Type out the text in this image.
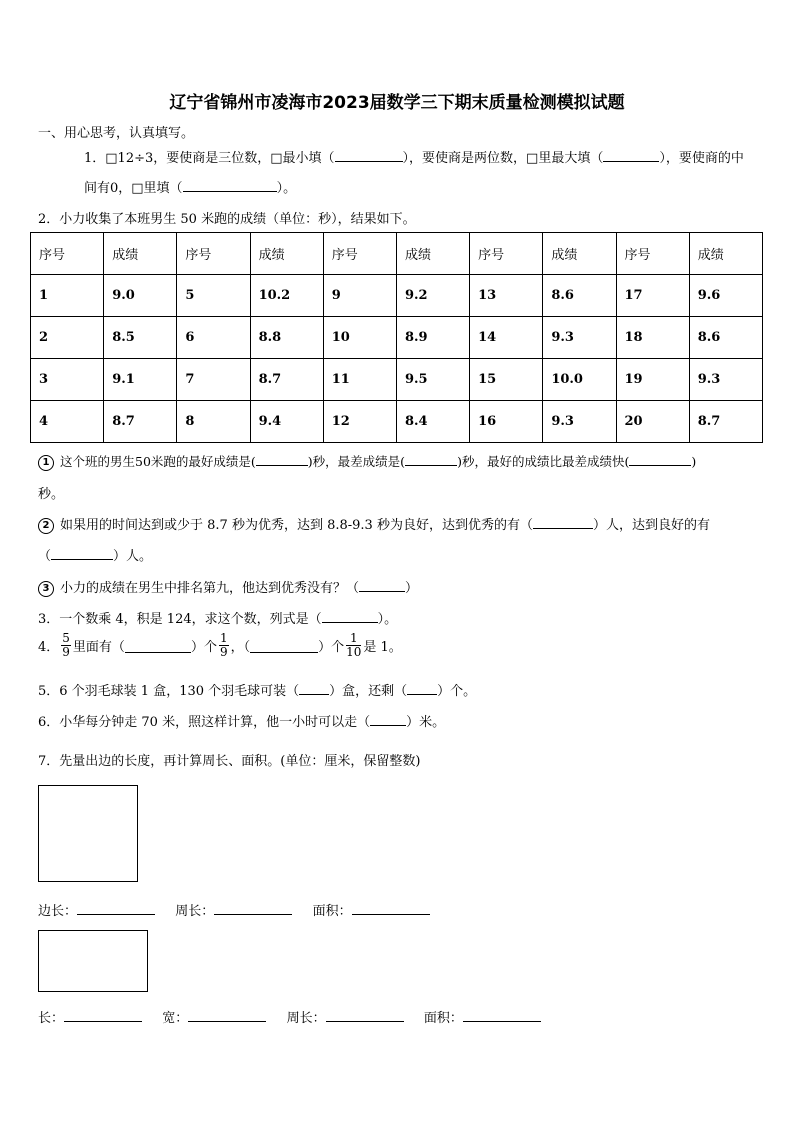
辽宁省锦州市凌海市2023届数学三下期末质量检测模拟试题
一、用心思考，认真填写。
1．□12÷3，要使商是三位数，□最小填（	），要使商是两位数，□里最大填（	），要使商的中
间有0，□里填（	）。
2．小力收集了本班男生 50 米跑的成绩（单位：秒），结果如下。
序号	成绩	序号	成绩	序号	成绩	序号	成绩	序号	成绩
1	9.0	5	10.2	9	9.2	13	8.6	17	9.6
2	8.5	6	8.8	10	8.9	14	9.3	18	8.6
3	9.1	7	8.7	11	9.5	15	10.0	19	9.3
4	8.7	8	9.4	12	8.4	16	9.3	20	8.7
1 这个班的男生50米跑的最好成绩是(	)秒，最差成绩是(	)秒，最好的成绩比最差成绩快(	)
秒。
2 如果用的时间达到或少于 8.7 秒为优秀，达到 8.8-9.3 秒为良好，达到优秀的有（	）人，达到良好的有
（	）人。
3 小力的成绩在男生中排名第九，他达到优秀没有？（	）
3．一个数乘 4，积是 124，求这个数，列式是（	）。
4． $\frac{5}{9}$ 里面有（	）个 $\frac{1}{9}$ ，（	）个 $\frac{1}{10}$ 是 1。
5．6 个羽毛球装 1 盒，130 个羽毛球可装（ ）盒，还剩（ ）个。
6．小华每分钟走 70 米，照这样计算，他一小时可以走（	）米。
7．先量出边的长度，再计算周长、面积。(单位：厘米，保留整数)
边长：	周长：	面积：
长：	宽：	周长：	面积：
